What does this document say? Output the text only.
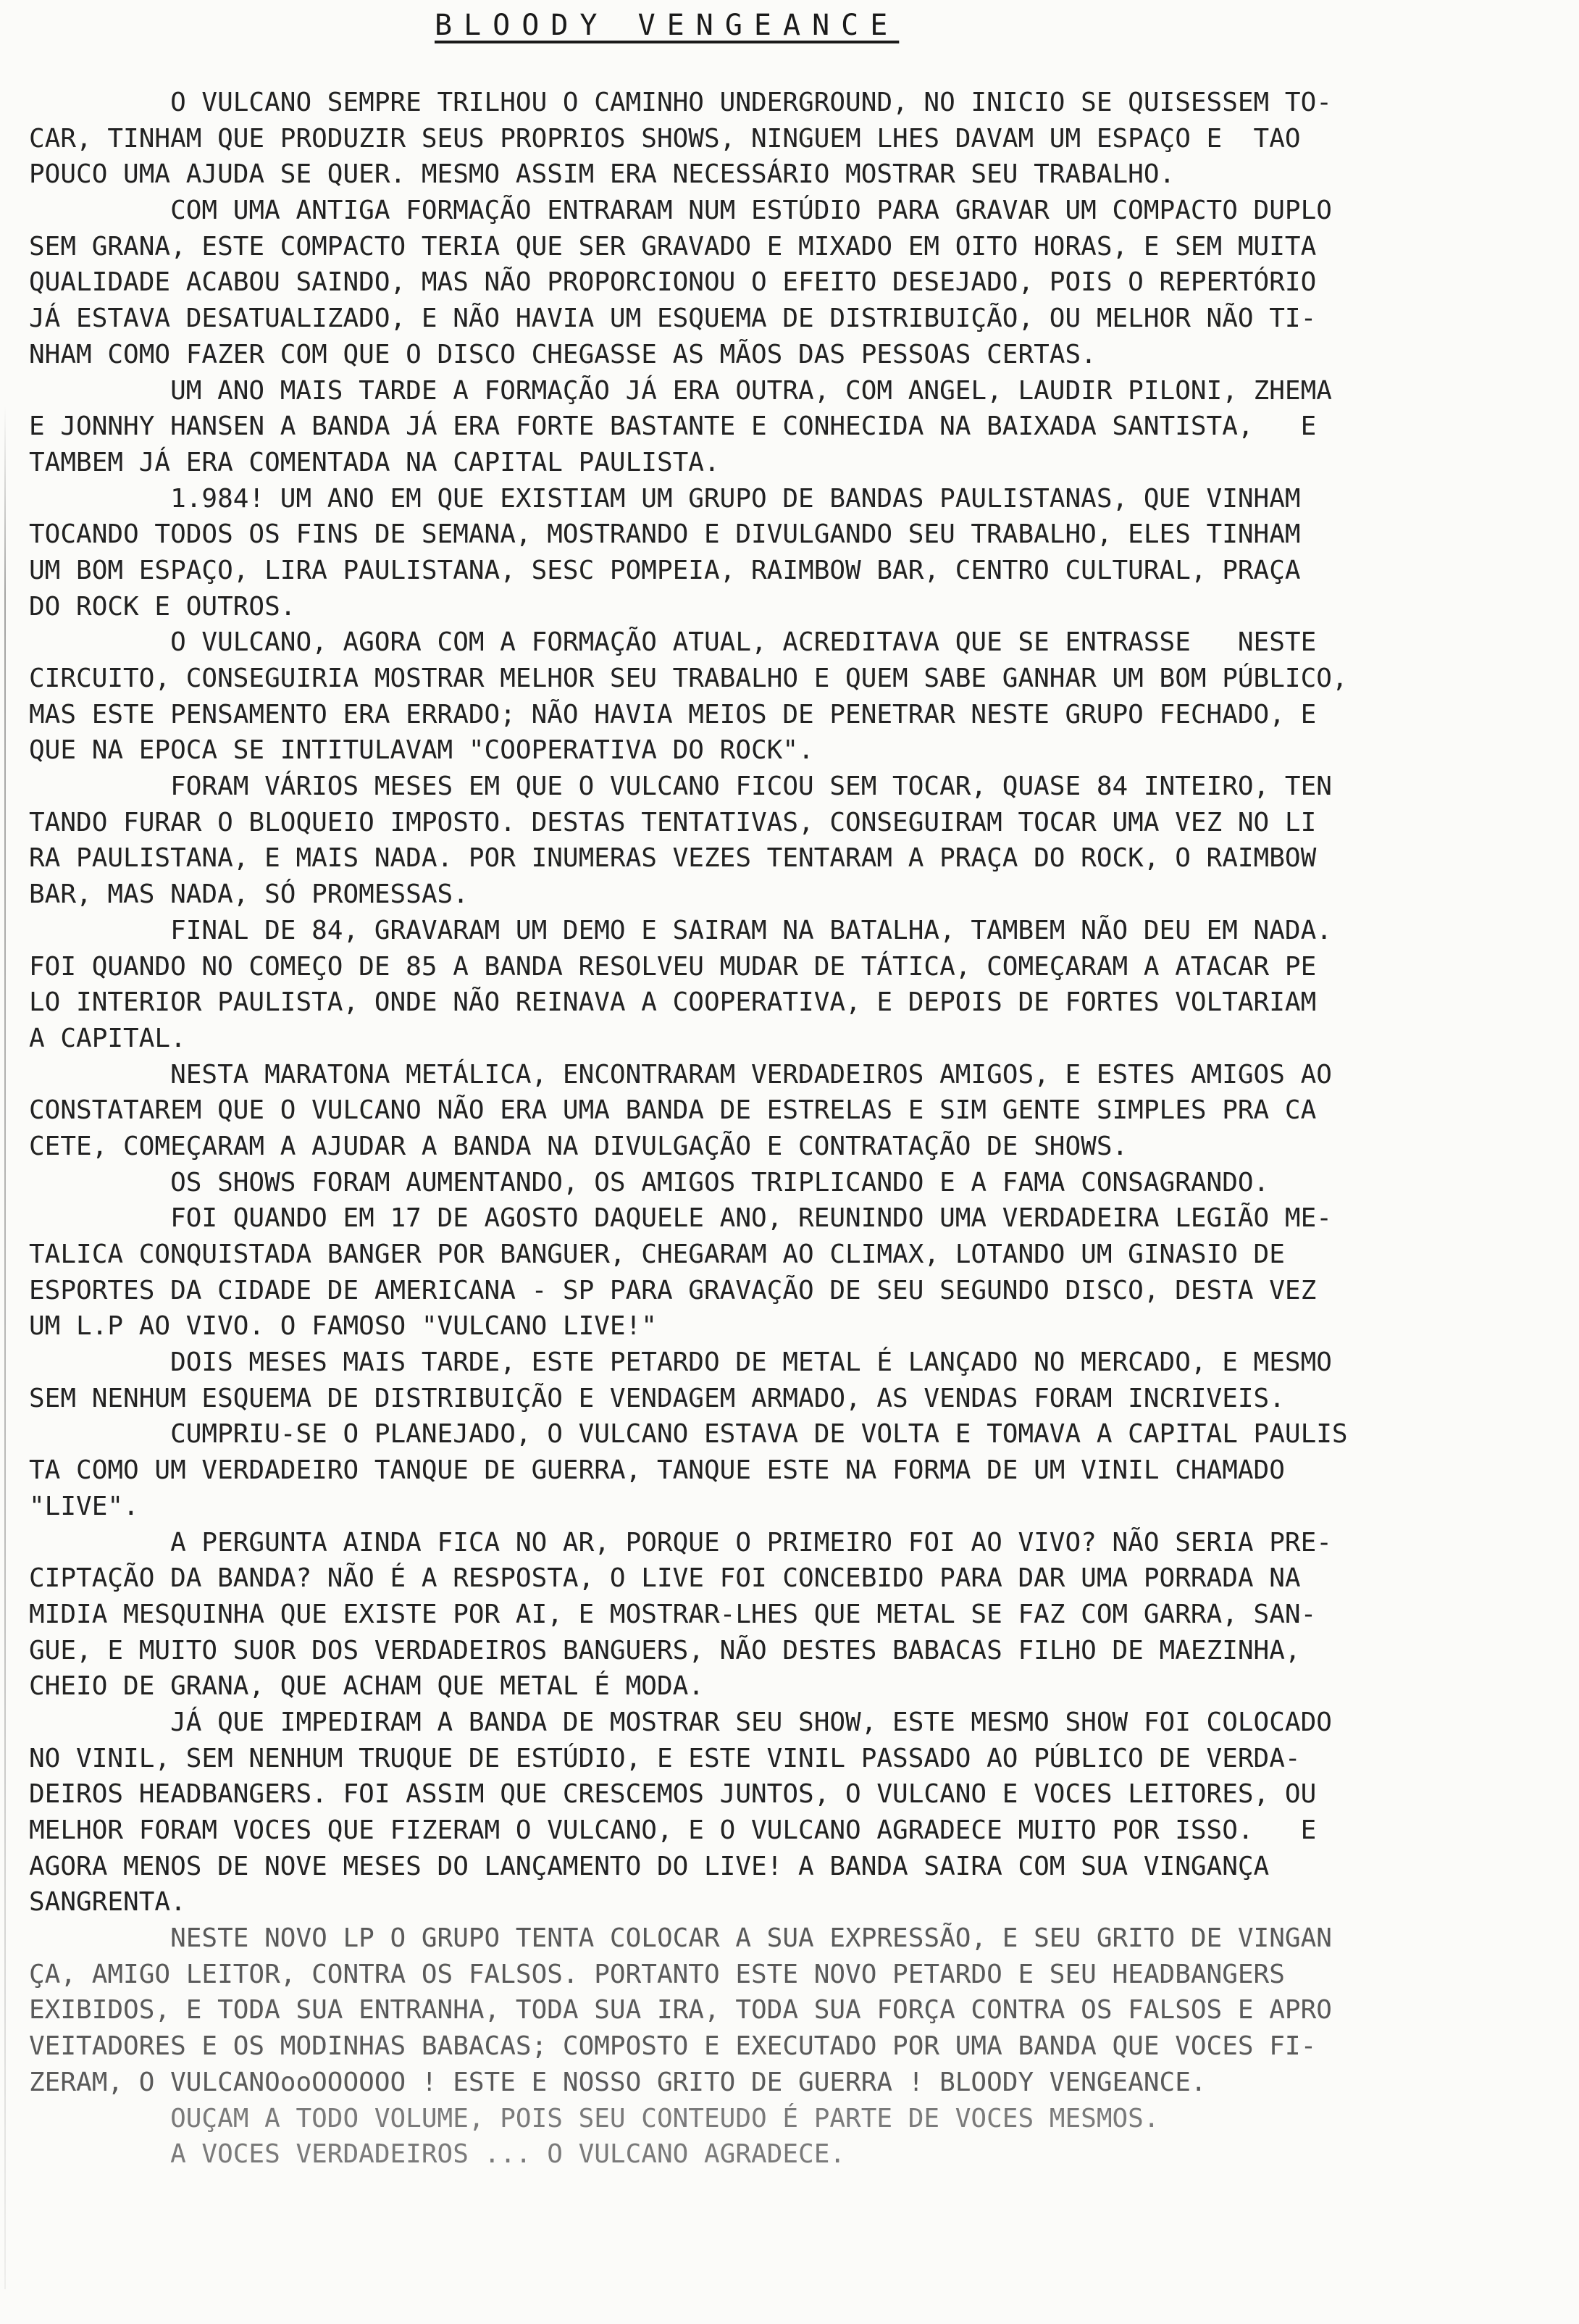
BLOODY VENGEANCE
O VULCANO SEMPRE TRILHOU O CAMINHO UNDERGROUND, NO INICIO SE QUISESSEM TO-
CAR, TINHAM QUE PRODUZIR SEUS PROPRIOS SHOWS, NINGUEM LHES DAVAM UM ESPAÇO E  TAO
POUCO UMA AJUDA SE QUER. MESMO ASSIM ERA NECESSÁRIO MOSTRAR SEU TRABALHO.
COM UMA ANTIGA FORMAÇÃO ENTRARAM NUM ESTÚDIO PARA GRAVAR UM COMPACTO DUPLO
SEM GRANA, ESTE COMPACTO TERIA QUE SER GRAVADO E MIXADO EM OITO HORAS, E SEM MUITA
QUALIDADE ACABOU SAINDO, MAS NÃO PROPORCIONOU O EFEITO DESEJADO, POIS O REPERTÓRIO
JÁ ESTAVA DESATUALIZADO, E NÃO HAVIA UM ESQUEMA DE DISTRIBUIÇÃO, OU MELHOR NÃO TI-
NHAM COMO FAZER COM QUE O DISCO CHEGASSE AS MÃOS DAS PESSOAS CERTAS.
UM ANO MAIS TARDE A FORMAÇÃO JÁ ERA OUTRA, COM ANGEL, LAUDIR PILONI, ZHEMA
E JONNHY HANSEN A BANDA JÁ ERA FORTE BASTANTE E CONHECIDA NA BAIXADA SANTISTA,   E
TAMBEM JÁ ERA COMENTADA NA CAPITAL PAULISTA.
1.984! UM ANO EM QUE EXISTIAM UM GRUPO DE BANDAS PAULISTANAS, QUE VINHAM
TOCANDO TODOS OS FINS DE SEMANA, MOSTRANDO E DIVULGANDO SEU TRABALHO, ELES TINHAM
UM BOM ESPAÇO, LIRA PAULISTANA, SESC POMPEIA, RAIMBOW BAR, CENTRO CULTURAL, PRAÇA
DO ROCK E OUTROS.
O VULCANO, AGORA COM A FORMAÇÃO ATUAL, ACREDITAVA QUE SE ENTRASSE   NESTE
CIRCUITO, CONSEGUIRIA MOSTRAR MELHOR SEU TRABALHO E QUEM SABE GANHAR UM BOM PÚBLICO,
MAS ESTE PENSAMENTO ERA ERRADO; NÃO HAVIA MEIOS DE PENETRAR NESTE GRUPO FECHADO, E
QUE NA EPOCA SE INTITULAVAM "COOPERATIVA DO ROCK".
FORAM VÁRIOS MESES EM QUE O VULCANO FICOU SEM TOCAR, QUASE 84 INTEIRO, TEN
TANDO FURAR O BLOQUEIO IMPOSTO. DESTAS TENTATIVAS, CONSEGUIRAM TOCAR UMA VEZ NO LI
RA PAULISTANA, E MAIS NADA. POR INUMERAS VEZES TENTARAM A PRAÇA DO ROCK, O RAIMBOW
BAR, MAS NADA, SÓ PROMESSAS.
FINAL DE 84, GRAVARAM UM DEMO E SAIRAM NA BATALHA, TAMBEM NÃO DEU EM NADA.
FOI QUANDO NO COMEÇO DE 85 A BANDA RESOLVEU MUDAR DE TÁTICA, COMEÇARAM A ATACAR PE
LO INTERIOR PAULISTA, ONDE NÃO REINAVA A COOPERATIVA, E DEPOIS DE FORTES VOLTARIAM
A CAPITAL.
NESTA MARATONA METÁLICA, ENCONTRARAM VERDADEIROS AMIGOS, E ESTES AMIGOS AO
CONSTATAREM QUE O VULCANO NÃO ERA UMA BANDA DE ESTRELAS E SIM GENTE SIMPLES PRA CA
CETE, COMEÇARAM A AJUDAR A BANDA NA DIVULGAÇÃO E CONTRATAÇÃO DE SHOWS.
OS SHOWS FORAM AUMENTANDO, OS AMIGOS TRIPLICANDO E A FAMA CONSAGRANDO.
FOI QUANDO EM 17 DE AGOSTO DAQUELE ANO, REUNINDO UMA VERDADEIRA LEGIÃO ME-
TALICA CONQUISTADA BANGER POR BANGUER, CHEGARAM AO CLIMAX, LOTANDO UM GINASIO DE
ESPORTES DA CIDADE DE AMERICANA - SP PARA GRAVAÇÃO DE SEU SEGUNDO DISCO, DESTA VEZ
UM L.P AO VIVO. O FAMOSO "VULCANO LIVE!"
DOIS MESES MAIS TARDE, ESTE PETARDO DE METAL É LANÇADO NO MERCADO, E MESMO
SEM NENHUM ESQUEMA DE DISTRIBUIÇÃO E VENDAGEM ARMADO, AS VENDAS FORAM INCRIVEIS.
CUMPRIU-SE O PLANEJADO, O VULCANO ESTAVA DE VOLTA E TOMAVA A CAPITAL PAULIS
TA COMO UM VERDADEIRO TANQUE DE GUERRA, TANQUE ESTE NA FORMA DE UM VINIL CHAMADO
"LIVE".
A PERGUNTA AINDA FICA NO AR, PORQUE O PRIMEIRO FOI AO VIVO? NÃO SERIA PRE-
CIPTAÇÃO DA BANDA? NÃO É A RESPOSTA, O LIVE FOI CONCEBIDO PARA DAR UMA PORRADA NA
MIDIA MESQUINHA QUE EXISTE POR AI, E MOSTRAR-LHES QUE METAL SE FAZ COM GARRA, SAN-
GUE, E MUITO SUOR DOS VERDADEIROS BANGUERS, NÃO DESTES BABACAS FILHO DE MAEZINHA,
CHEIO DE GRANA, QUE ACHAM QUE METAL É MODA.
JÁ QUE IMPEDIRAM A BANDA DE MOSTRAR SEU SHOW, ESTE MESMO SHOW FOI COLOCADO
NO VINIL, SEM NENHUM TRUQUE DE ESTÚDIO, E ESTE VINIL PASSADO AO PÚBLICO DE VERDA-
DEIROS HEADBANGERS. FOI ASSIM QUE CRESCEMOS JUNTOS, O VULCANO E VOCES LEITORES, OU
MELHOR FORAM VOCES QUE FIZERAM O VULCANO, E O VULCANO AGRADECE MUITO POR ISSO.   E
AGORA MENOS DE NOVE MESES DO LANÇAMENTO DO LIVE! A BANDA SAIRA COM SUA VINGANÇA
SANGRENTA.
NESTE NOVO LP O GRUPO TENTA COLOCAR A SUA EXPRESSÃO, E SEU GRITO DE VINGAN
ÇA, AMIGO LEITOR, CONTRA OS FALSOS. PORTANTO ESTE NOVO PETARDO E SEU HEADBANGERS
EXIBIDOS, E TODA SUA ENTRANHA, TODA SUA IRA, TODA SUA FORÇA CONTRA OS FALSOS E APRO
VEITADORES E OS MODINHAS BABACAS; COMPOSTO E EXECUTADO POR UMA BANDA QUE VOCES FI-
ZERAM, O VULCANOooOOOOOO ! ESTE E NOSSO GRITO DE GUERRA ! BLOODY VENGEANCE.
OUÇAM A TODO VOLUME, POIS SEU CONTEUDO É PARTE DE VOCES MESMOS.
A VOCES VERDADEIROS ... O VULCANO AGRADECE.
